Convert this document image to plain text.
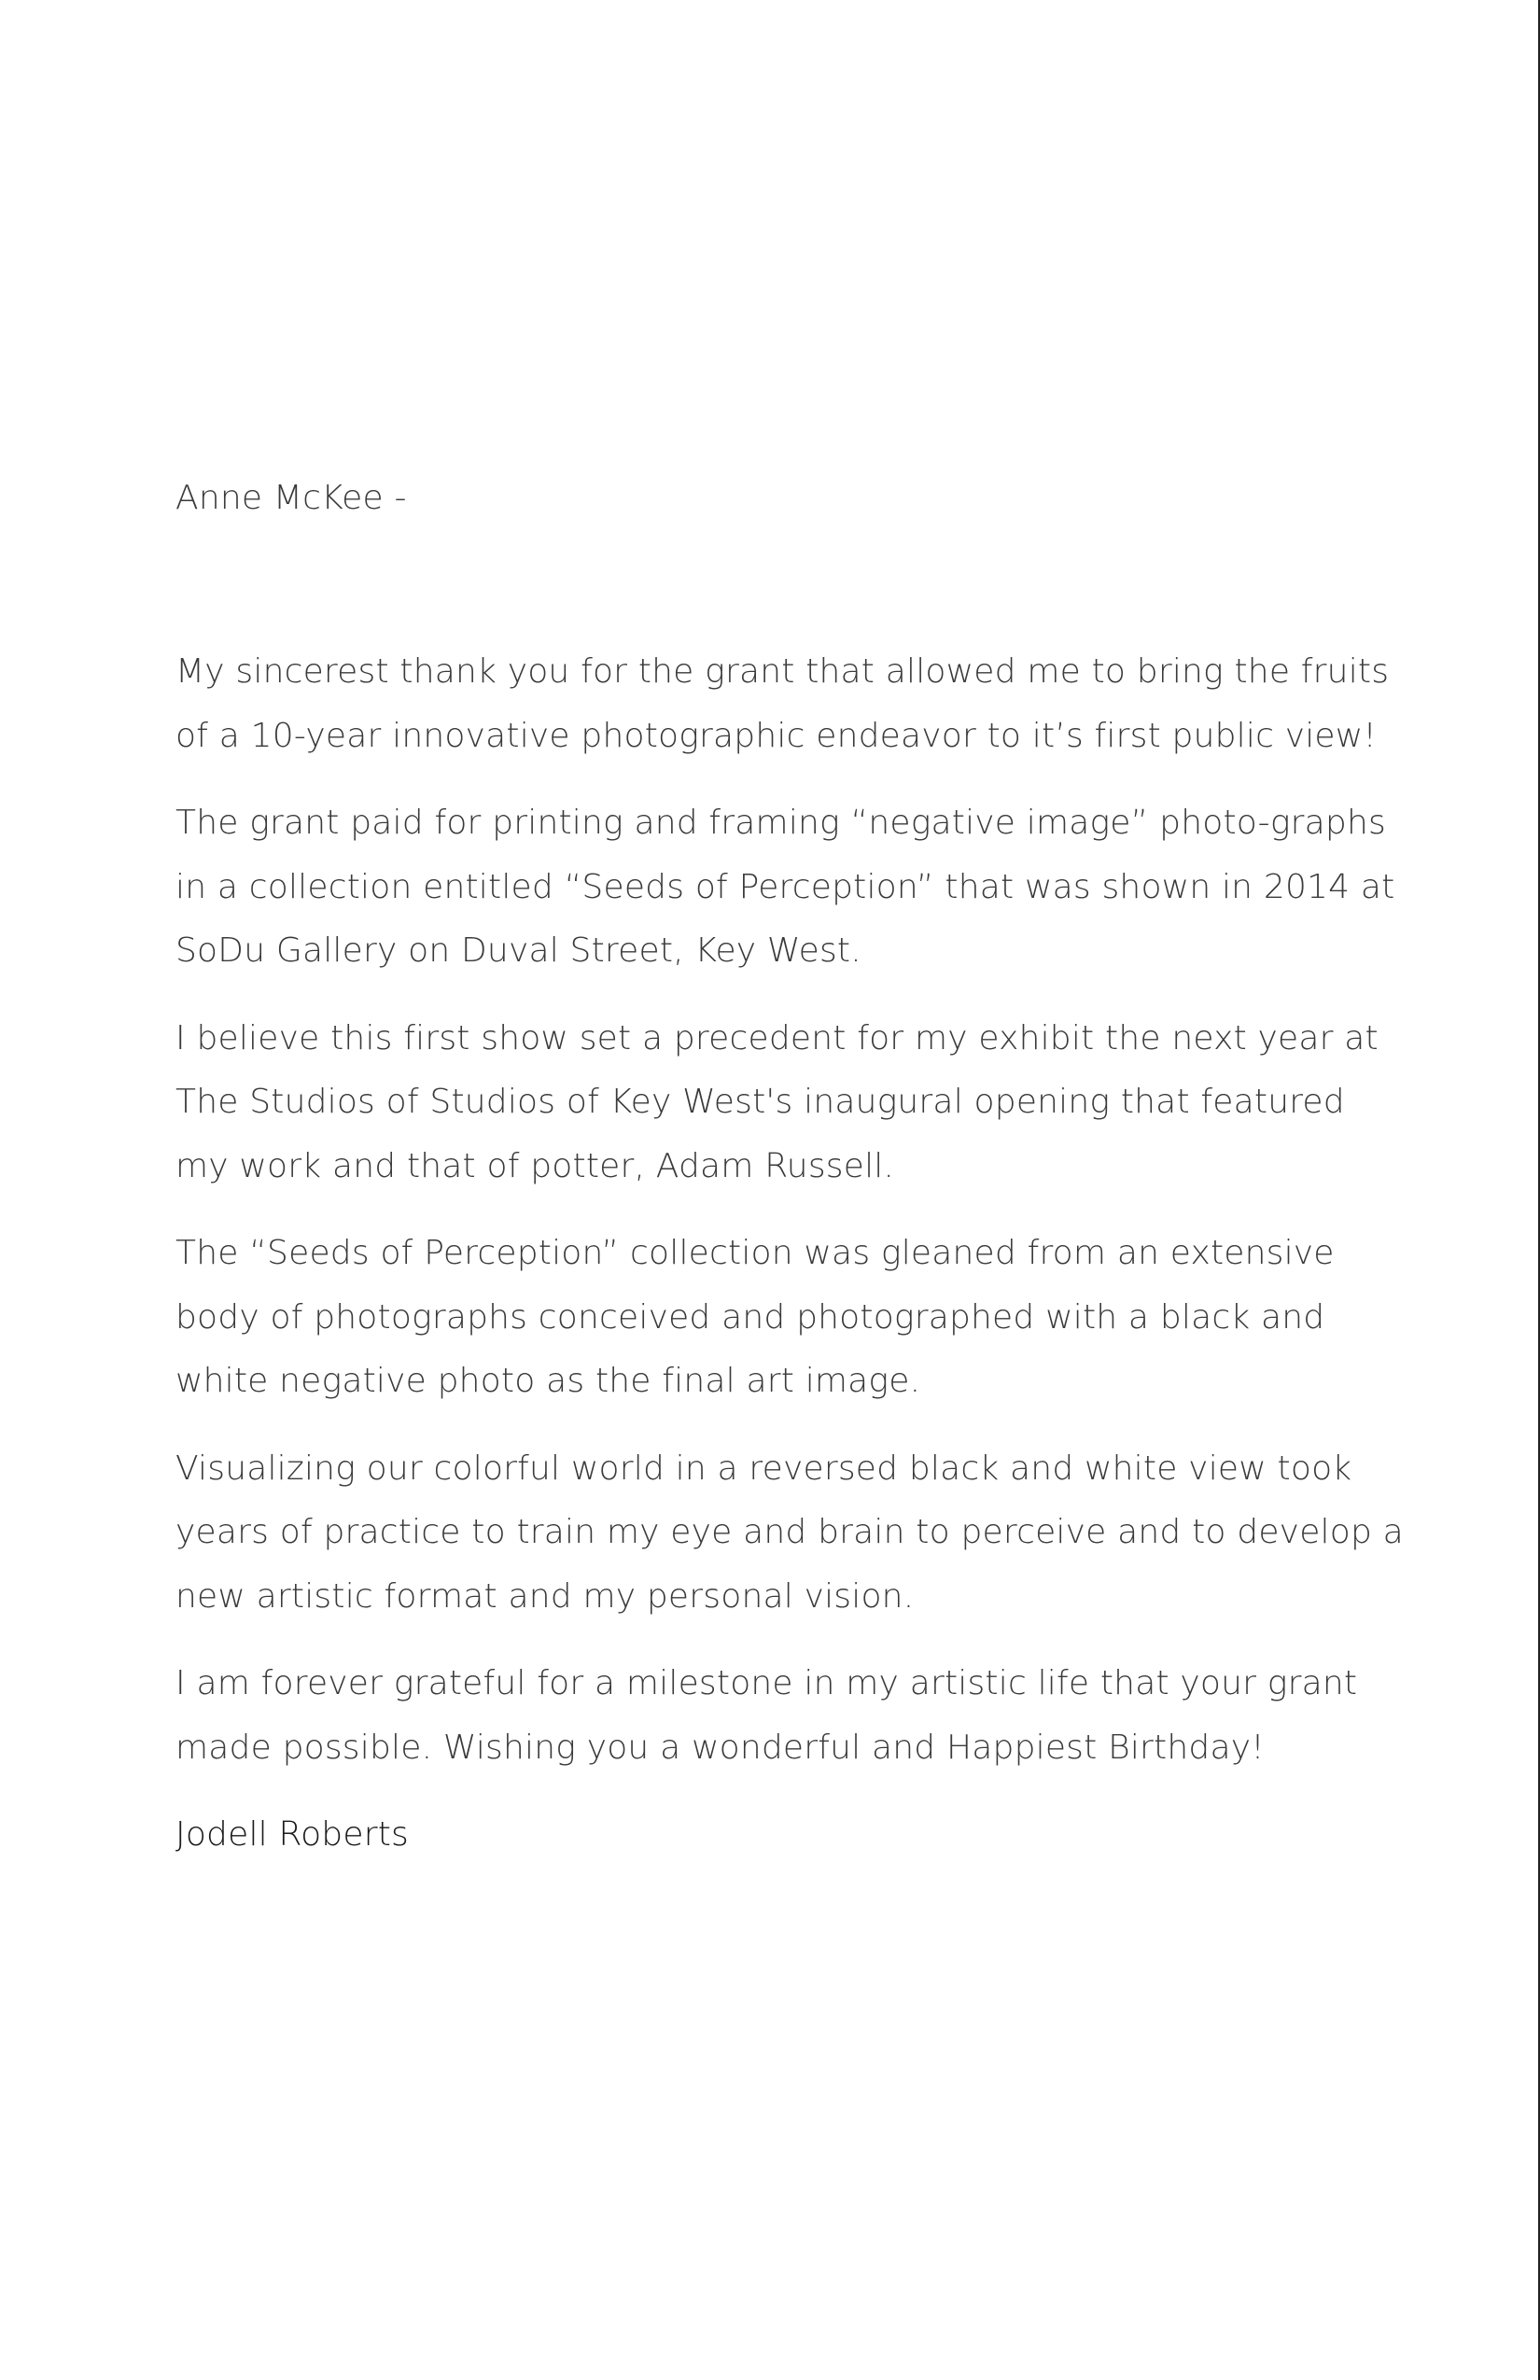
Anne McKee -

My sincerest thank you for the grant that allowed me to bring the fruits of a 10-year innovative photographic endeavor to it’s first public view!

The grant paid for printing and framing “negative image” photo-graphs in a collection entitled “Seeds of Perception” that was shown in 2014 at SoDu Gallery on Duval Street, Key West.

I believe this first show set a precedent for my exhibit the next year at The Studios of Studios of Key West's inaugural opening that featured my work and that of potter, Adam Russell.

The “Seeds of Perception” collection was gleaned from an extensive body of photographs conceived and photographed with a black and white negative photo as the final art image.

Visualizing our colorful world in a reversed black and white view took years of practice to train my eye and brain to perceive and to develop a new artistic format and my personal vision.

I am forever grateful for a milestone in my artistic life that your grant made possible. Wishing you a wonderful and Happiest Birthday!

Jodell Roberts
